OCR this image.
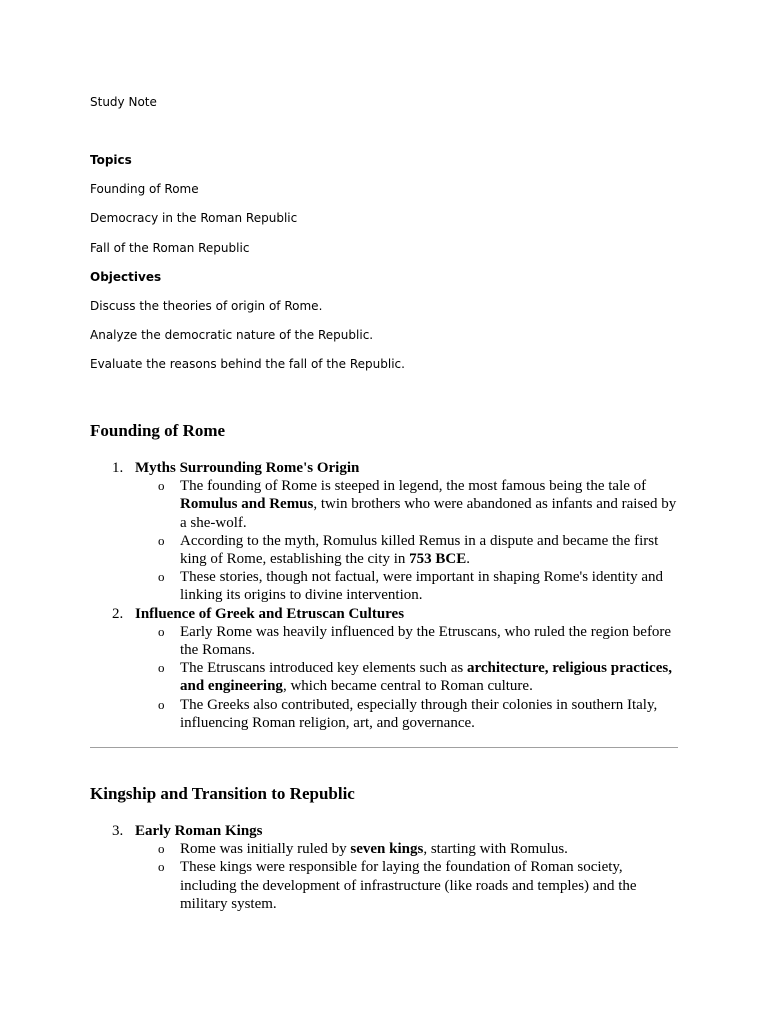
Study Note
Topics
Founding of Rome
Democracy in the Roman Republic
Fall of the Roman Republic
Objectives
Discuss the theories of origin of Rome.
Analyze the democratic nature of the Republic.
Evaluate the reasons behind the fall of the Republic.
Founding of Rome
1. Myths Surrounding Rome's Origin
o The founding of Rome is steeped in legend, the most famous being the tale of Romulus and Remus, twin brothers who were abandoned as infants and raised by a she-wolf.
o According to the myth, Romulus killed Remus in a dispute and became the first king of Rome, establishing the city in 753 BCE.
o These stories, though not factual, were important in shaping Rome's identity and linking its origins to divine intervention.
2. Influence of Greek and Etruscan Cultures
o Early Rome was heavily influenced by the Etruscans, who ruled the region before the Romans.
o The Etruscans introduced key elements such as architecture, religious practices, and engineering, which became central to Roman culture.
o The Greeks also contributed, especially through their colonies in southern Italy, influencing Roman religion, art, and governance.
Kingship and Transition to Republic
3. Early Roman Kings
o Rome was initially ruled by seven kings, starting with Romulus.
o These kings were responsible for laying the foundation of Roman society, including the development of infrastructure (like roads and temples) and the military system.
